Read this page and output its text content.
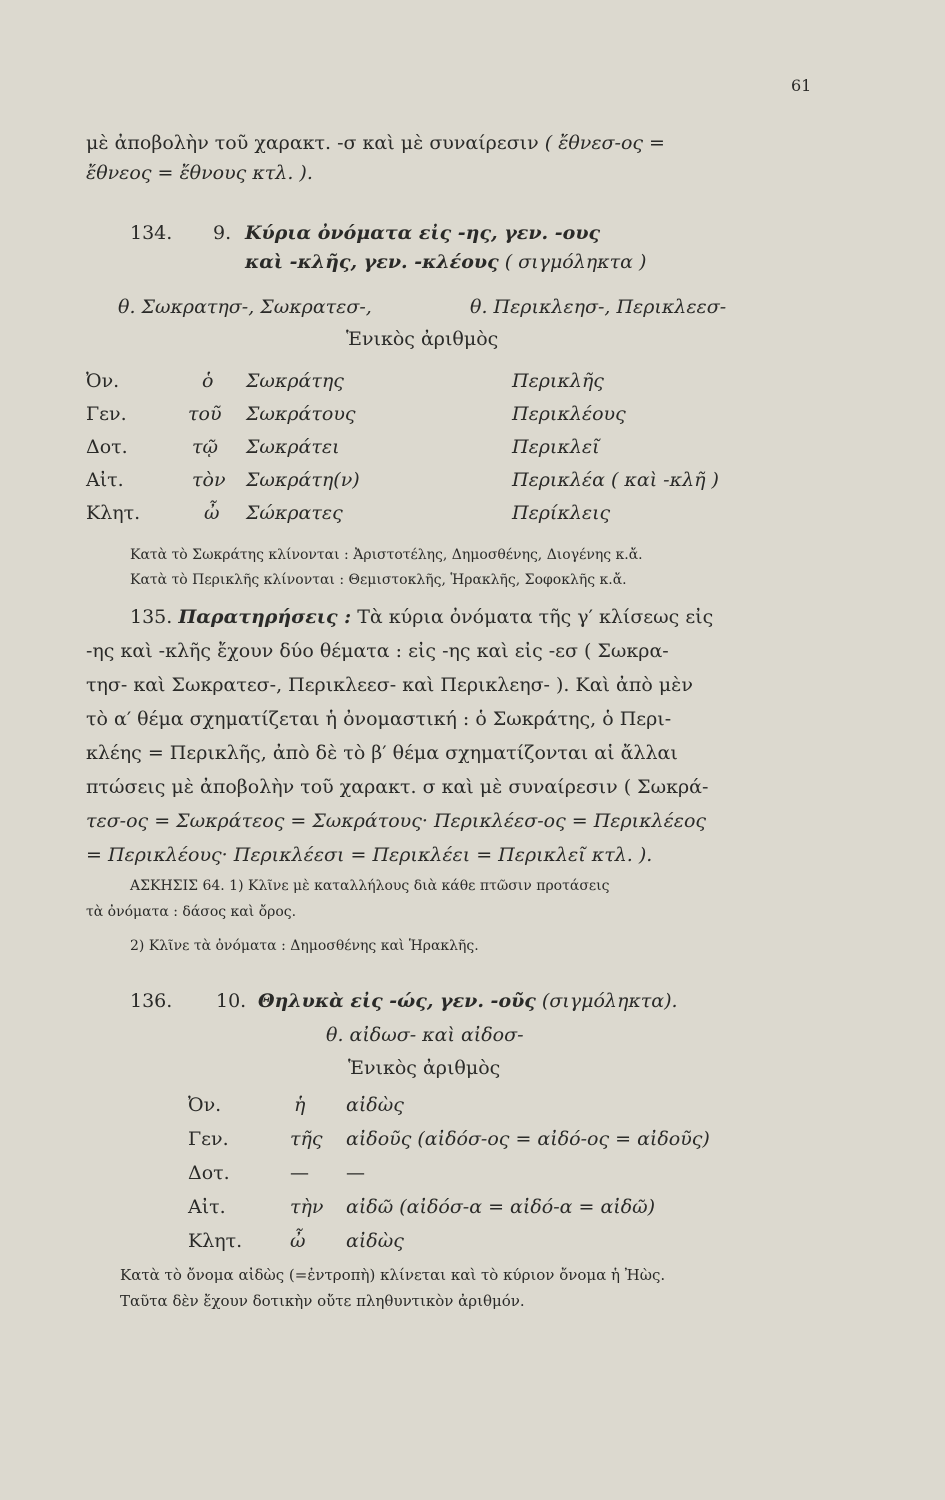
61
μὲ ἀποβολὴν τοῦ χαρακτ. -σ καὶ μὲ συναίρεσιν ( ἔθνεσ-ος =
ἔθνεος = ἔθνους κτλ. ).
134. 9. Κύρια ὀνόματα εἰς -ης, γεν. -ους
καὶ -κλῆς, γεν. -κλέους ( σιγμόληκτα )
θ. Σωκρατησ-, Σωκρατεσ-,	θ. Περικλεησ-, Περικλεεσ-
Ἑνικὸς ἀριθμὸς
Ὀν.	ὁ Σωκράτης	Περικλῆς
Γεν.	τοῦ Σωκράτους	Περικλέους
Δοτ.	τῷ Σωκράτει	Περικλεῖ
Αἰτ.	τὸν Σωκράτη(ν)	Περικλέα ( καὶ -κλῆ )
Κλητ.	ὦ Σώκρατες	Περίκλεις
Κατὰ τὸ Σωκράτης κλίνονται : Ἀριστοτέλης, Δημοσθένης, Διογένης κ.ἄ.
Κατὰ τὸ Περικλῆς κλίνονται : Θεμιστοκλῆς, Ἡρακλῆς, Σοφοκλῆς κ.ἄ.
135. Παρατηρήσεις : Τὰ κύρια ὀνόματα τῆς γ′ κλίσεως εἰς
-ης καὶ -κλῆς ἔχουν δύο θέματα : εἰς -ης καὶ εἰς -εσ ( Σωκρα-
τησ- καὶ Σωκρατεσ-, Περικλεεσ- καὶ Περικλεησ- ). Καὶ ἀπὸ μὲν
τὸ α′ θέμα σχηματίζεται ἡ ὀνομαστική : ὁ Σωκράτης, ὁ Περι-
κλέης = Περικλῆς, ἀπὸ δὲ τὸ β′ θέμα σχηματίζονται αἱ ἄλλαι
πτώσεις μὲ ἀποβολὴν τοῦ χαρακτ. σ καὶ μὲ συναίρεσιν ( Σωκρά-
τεσ-ος = Σωκράτεος = Σωκράτους· Περικλέεσ-ος = Περικλέεος
= Περικλέους· Περικλέεσι = Περικλέει = Περικλεῖ κτλ. ).
ΑΣΚΗΣΙΣ 64. 1) Κλῖνε μὲ καταλλήλους διὰ κάθε πτῶσιν προτάσεις
τὰ ὀνόματα : δάσος καὶ ὄρος.
2) Κλῖνε τὰ ὀνόματα : Δημοσθένης καὶ Ἡρακλῆς.
136. 10. Θηλυκὰ εἰς -ώς, γεν. -οῦς (σιγμόληκτα).
θ. αἰδωσ- καὶ αἰδοσ-
Ἑνικὸς ἀριθμὸς
Ὀν.	ἡ αἰδὼς
Γεν.	τῆς αἰδοῦς (αἰδόσ-ος = αἰδό-ος = αἰδοῦς)
Δοτ.	— —
Αἰτ.	τὴν αἰδῶ (αἰδόσ-α = αἰδό-α = αἰδῶ)
Κλητ.	ὦ αἰδὼς
Κατὰ τὸ ὄνομα αἰδὼς (=ἐντροπὴ) κλίνεται καὶ τὸ κύριον ὄνομα ἡ Ἠὼς.
Ταῦτα δὲν ἔχουν δοτικὴν οὔτε πληθυντικὸν ἀριθμόν.
